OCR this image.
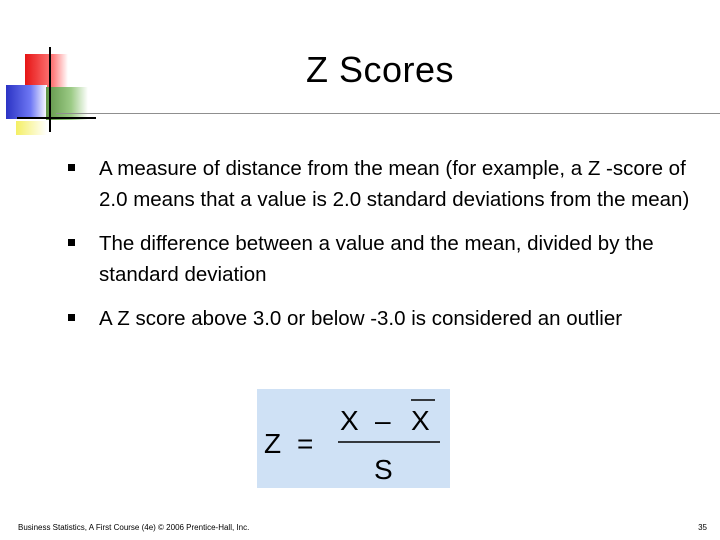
Z Scores
A measure of distance from the mean (for example, a Z -score of 2.0 means that a value is 2.0 standard deviations from the mean)
The difference between a value and the mean, divided by the standard deviation
A Z score above 3.0 or below -3.0 is considered an outlier
Z =
X – X
S
Business Statistics, A First Course (4e) © 2006 Prentice-Hall, Inc.	35
